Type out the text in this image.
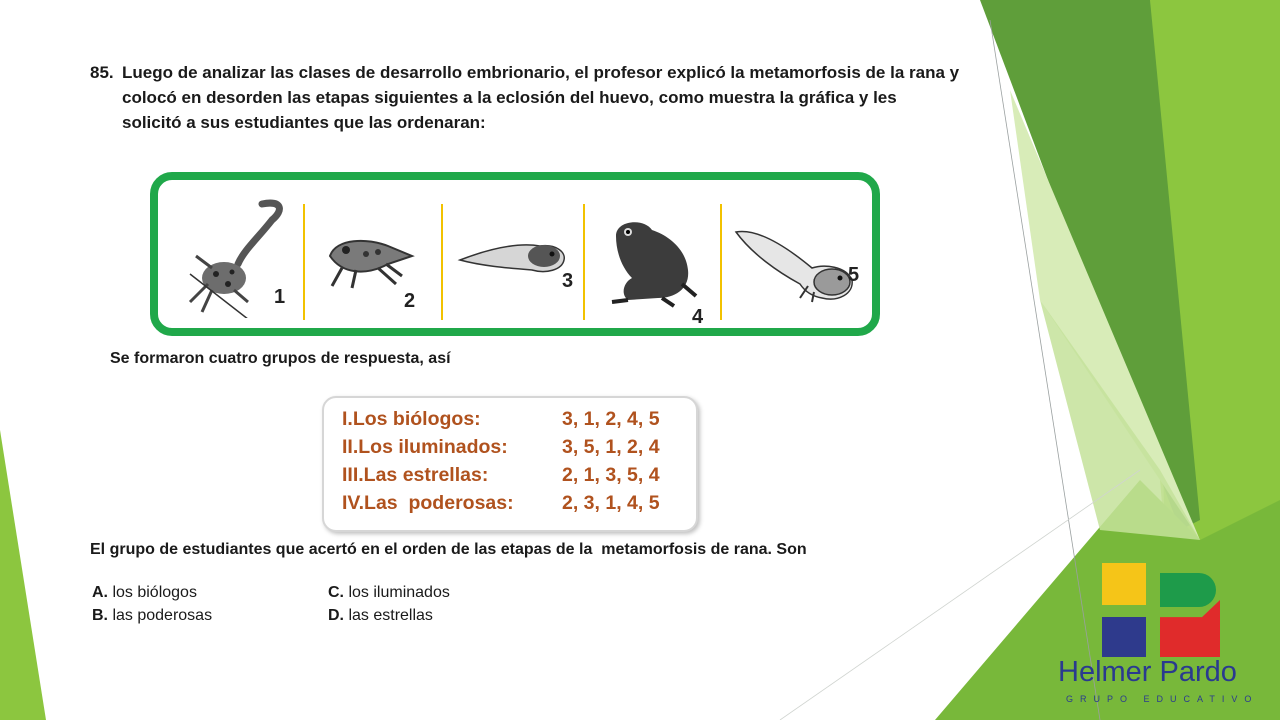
85. Luego de analizar las clases de desarrollo embrionario, el profesor explicó la metamorfosis de la rana y colocó en desorden las etapas siguientes a la eclosión del huevo, como muestra la gráfica y les solicitó a sus estudiantes que las ordenaran:
1	2
3
4
5
Se formaron cuatro grupos de respuesta, así
I.Los biólogos:	3, 1, 2, 4, 5
II.Los iluminados:	3, 5, 1, 2, 4
III.Las estrellas:	2, 1, 3, 5, 4
IV.Las  poderosas: 2, 3, 1, 4, 5
El grupo de estudiantes que acertó en el orden de las etapas de la  metamorfosis de rana. Son
A. los biólogos
B. las poderosas
C. los iluminados
D. las estrellas
Helmer Pardo
GRUPO EDUCATIVO
